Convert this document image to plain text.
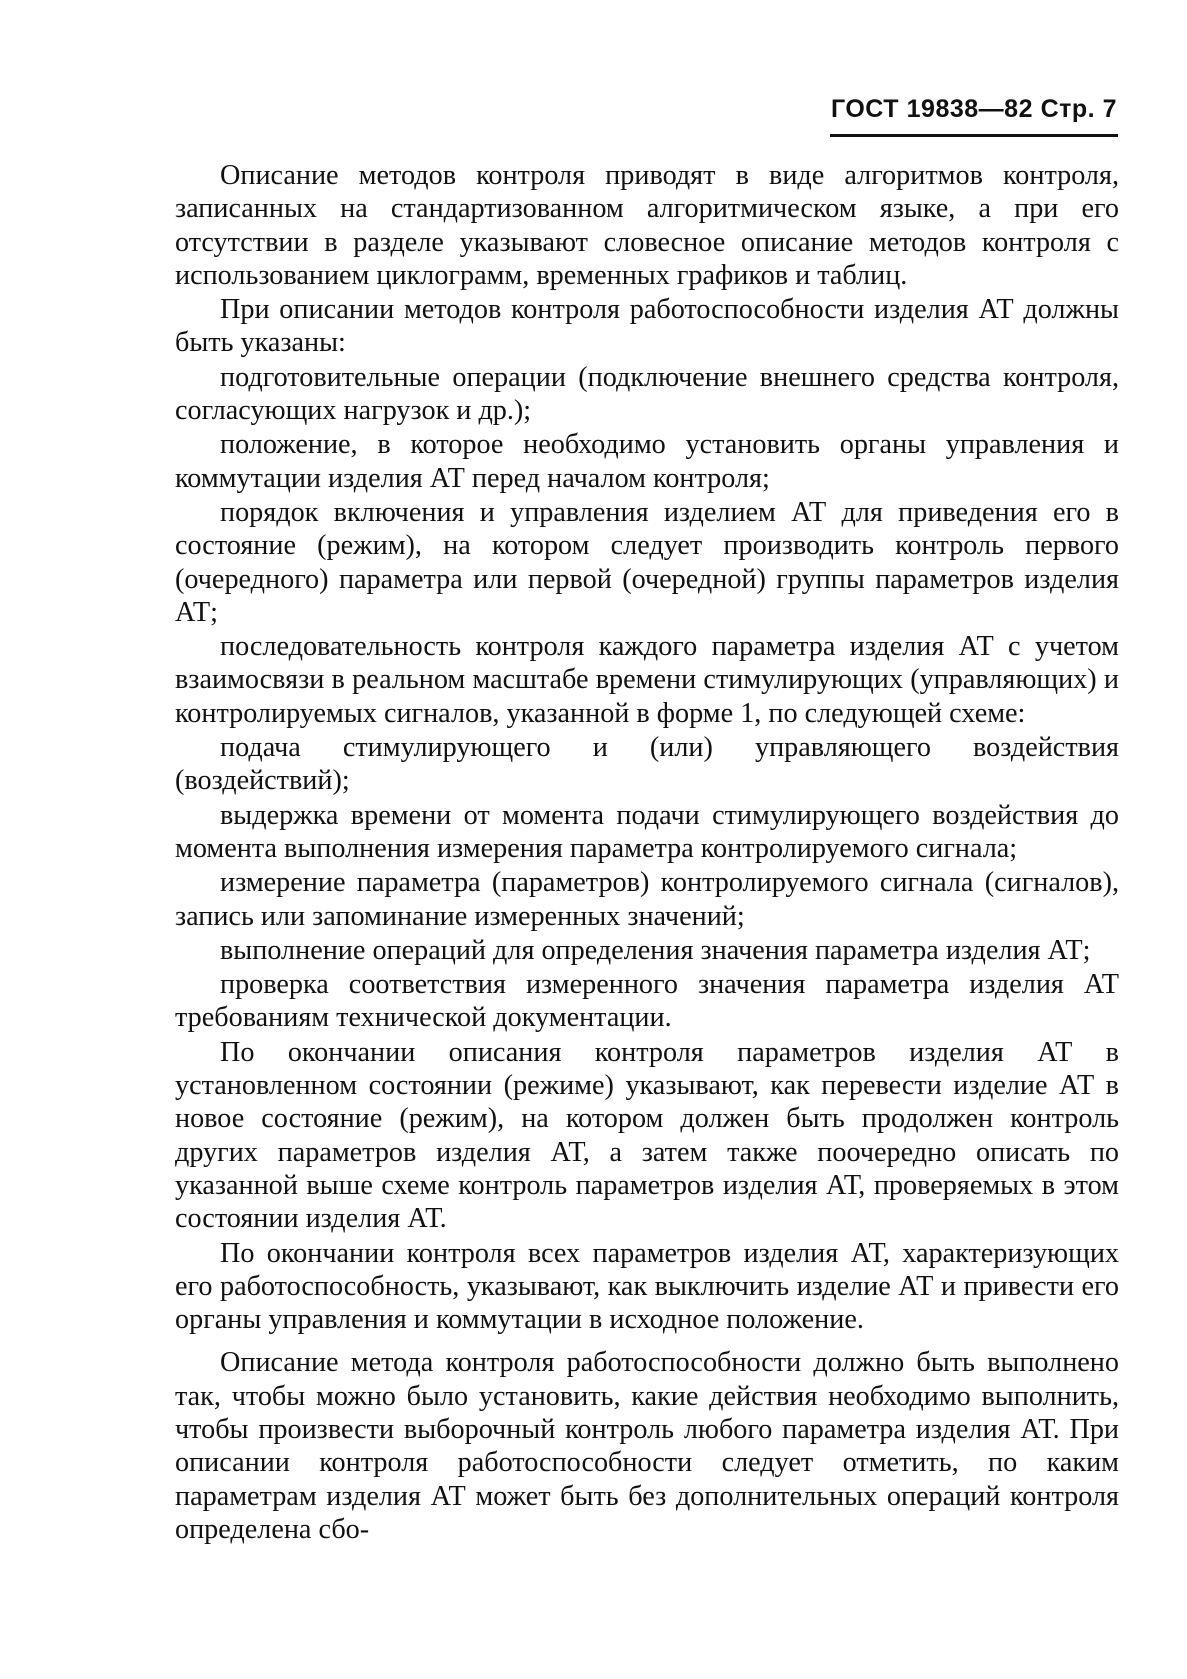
ГОСТ 19838—82 Стр. 7

Описание методов контроля приводят в виде алгоритмов контроля, записанных на стандартизованном алгоритмическом языке, а при его отсутствии в разделе указывают словесное описание методов контроля с использованием циклограмм, временных графиков и таблиц.

При описании методов контроля работоспособности изделия АТ должны быть указаны:

подготовительные операции (подключение внешнего средства контроля, согласующих нагрузок и др.);

положение, в которое необходимо установить органы управления и коммутации изделия АТ перед началом контроля;

порядок включения и управления изделием АТ для приведения его в состояние (режим), на котором следует производить контроль первого (очередного) параметра или первой (очередной) группы параметров изделия АТ;

последовательность контроля каждого параметра изделия АТ с учетом взаимосвязи в реальном масштабе времени стимулирующих (управляющих) и контролируемых сигналов, указанной в форме 1, по следующей схеме:

подача стимулирующего и (или) управляющего воздействия (воздействий);

выдержка времени от момента подачи стимулирующего воздействия до момента выполнения измерения параметра контролируемого сигнала;

измерение параметра (параметров) контролируемого сигнала (сигналов), запись или запоминание измеренных значений;

выполнение операций для определения значения параметра изделия АТ;

проверка соответствия измеренного значения параметра изделия АТ требованиям технической документации.

По окончании описания контроля параметров изделия АТ в установленном состоянии (режиме) указывают, как перевести изделие АТ в новое состояние (режим), на котором должен быть продолжен контроль других параметров изделия АТ, а затем также поочередно описать по указанной выше схеме контроль параметров изделия АТ, проверяемых в этом состоянии изделия АТ.

По окончании контроля всех параметров изделия АТ, характеризующих его работоспособность, указывают, как выключить изделие АТ и привести его органы управления и коммутации в исходное положение.

Описание метода контроля работоспособности должно быть выполнено так, чтобы можно было установить, какие действия необходимо выполнить, чтобы произвести выборочный контроль любого параметра изделия АТ. При описании контроля работоспособности следует отметить, по каким параметрам изделия АТ может быть без дополнительных операций контроля определена сбо-
